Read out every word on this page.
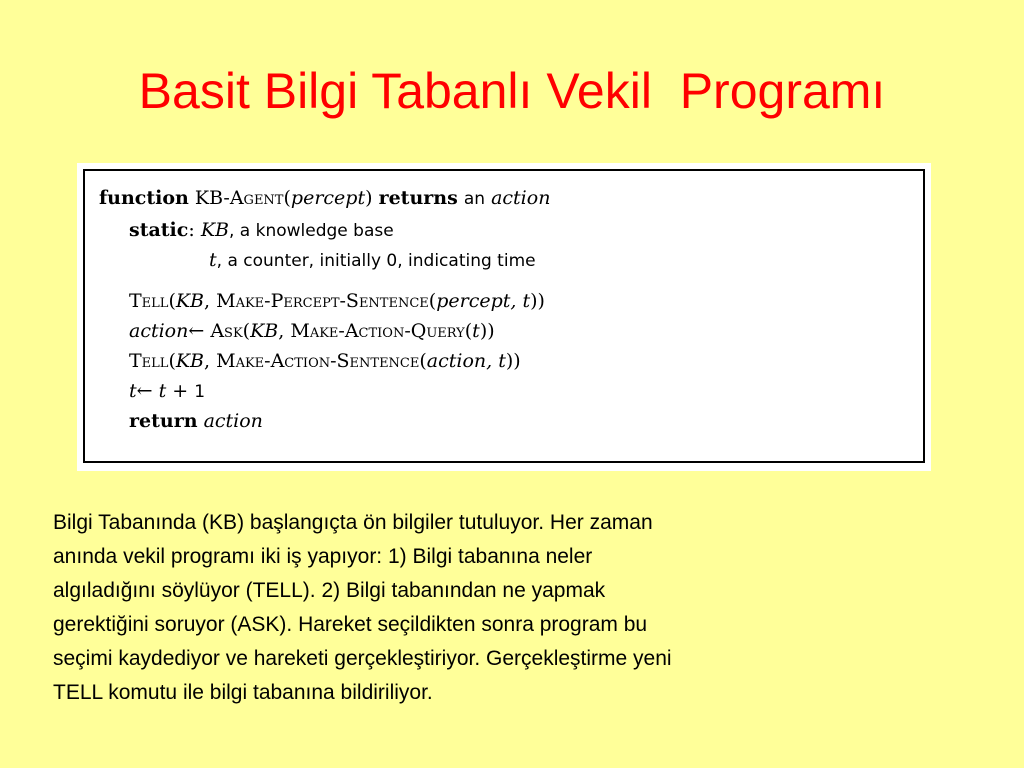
Basit Bilgi Tabanlı Vekil  Programı
function KB-Agent(percept) returns an action
static: KB, a knowledge base
t, a counter, initially 0, indicating time
Tell(KB, Make-Percept-Sentence(percept, t))
action← Ask(KB, Make-Action-Query(t))
Tell(KB, Make-Action-Sentence(action, t))
t← t + 1
return action
Bilgi Tabanında (KB) başlangıçta ön bilgiler tutuluyor. Her zaman
anında vekil programı iki iş yapıyor: 1) Bilgi tabanına neler
algıladığını söylüyor (TELL). 2) Bilgi tabanından ne yapmak
gerektiğini soruyor (ASK). Hareket seçildikten sonra program bu
seçimi kaydediyor ve hareketi gerçekleştiriyor. Gerçekleştirme yeni
TELL komutu ile bilgi tabanına bildiriliyor.
